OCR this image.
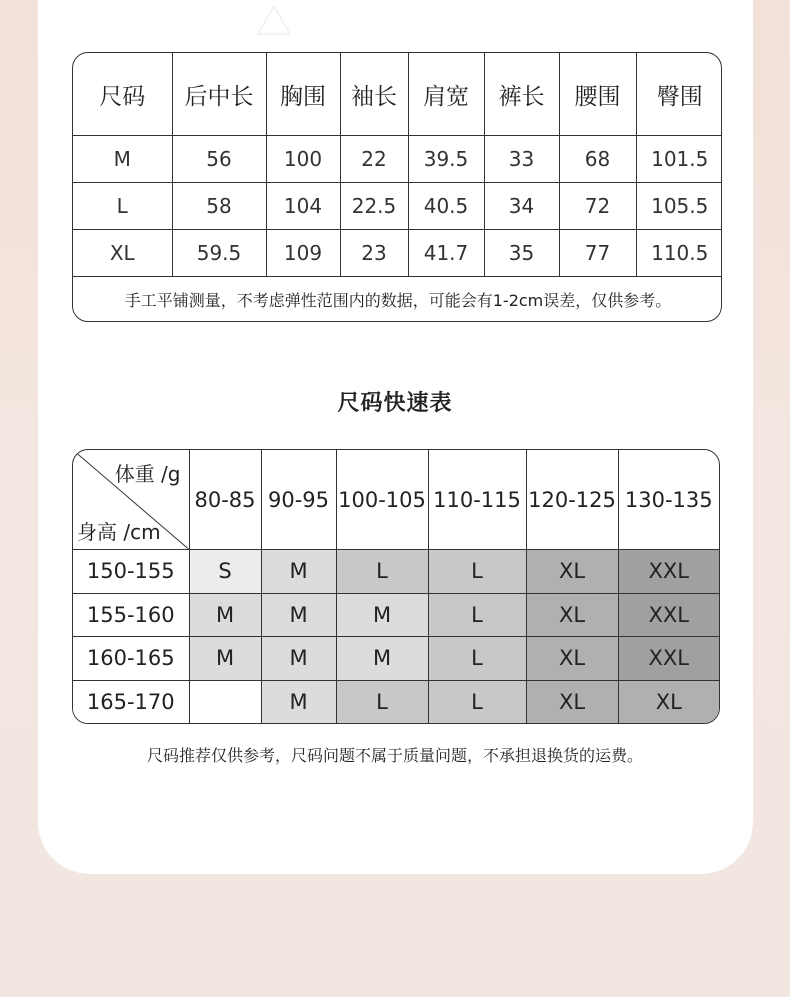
尺码	后中长	胸围	袖长	肩宽	裤长	腰围	臀围
M	56	100	22	39.5	33	68	101.5
L	58	104	22.5	40.5	34	72	105.5
XL	59.5	109	23	41.7	35	77	110.5
手工平铺测量，不考虑弹性范围内的数据，可能会有1-2cm误差，仅供参考。							
尺码快速表
体重 /g
身高 /cm	80-85	90-95	100-105	110-115	120-125	130-135
150-155	S	M	L	L	XL	XXL
155-160	M	M	M	L	XL	XXL
160-165	M	M	M	L	XL	XXL
165-170		M	L	L	XL	XL
尺码推荐仅供参考，尺码问题不属于质量问题，不承担退换货的运费。
